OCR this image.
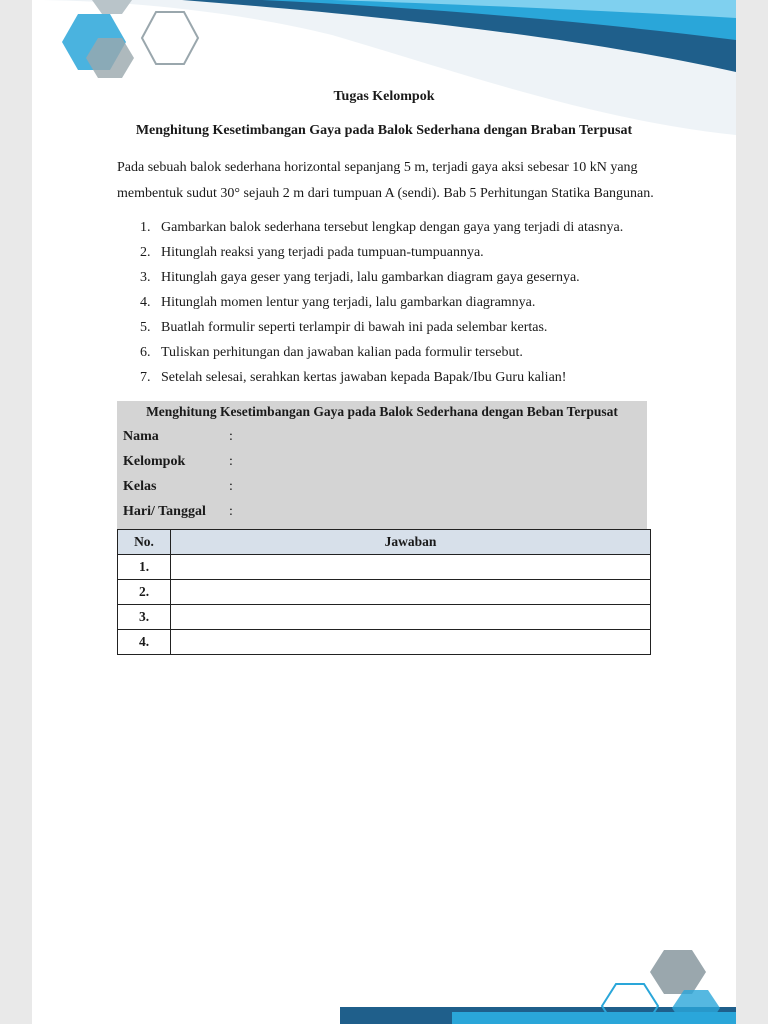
Tugas Kelompok
Menghitung Kesetimbangan Gaya pada Balok Sederhana dengan Braban Terpusat
Pada sebuah balok sederhana horizontal sepanjang 5 m, terjadi gaya aksi sebesar 10 kN yang membentuk sudut 30° sejauh 2 m dari tumpuan A (sendi). Bab 5 Perhitungan Statika Bangunan.
1. Gambarkan balok sederhana tersebut lengkap dengan gaya yang terjadi di atasnya.
2. Hitunglah reaksi yang terjadi pada tumpuan-tumpuannya.
3. Hitunglah gaya geser yang terjadi, lalu gambarkan diagram gaya gesernya.
4. Hitunglah momen lentur yang terjadi, lalu gambarkan diagramnya.
5. Buatlah formulir seperti terlampir di bawah ini pada selembar kertas.
6. Tuliskan perhitungan dan jawaban kalian pada formulir tersebut.
7. Setelah selesai, serahkan kertas jawaban kepada Bapak/Ibu Guru kalian!
Menghitung Kesetimbangan Gaya pada Balok Sederhana dengan Beban Terpusat
Nama	:
Kelompok	:
Kelas	:
Hari/ Tanggal :
No.	Jawaban
1.	
2.	
3.	
4.	
